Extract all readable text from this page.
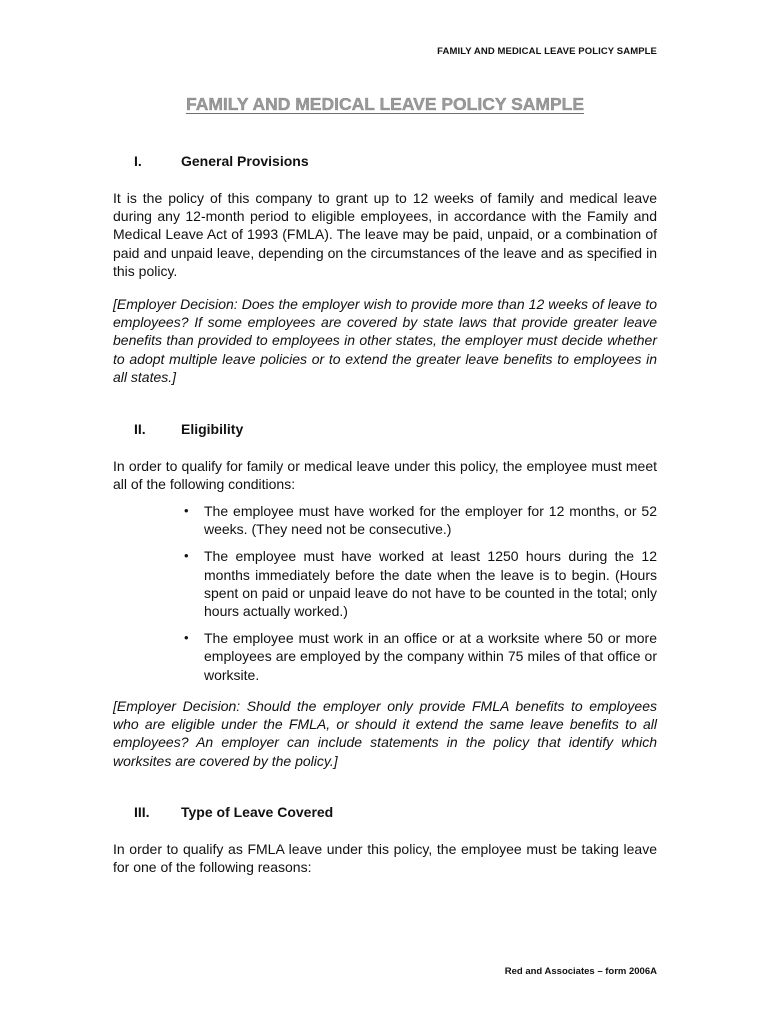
FAMILY AND MEDICAL LEAVE POLICY SAMPLE
FAMILY AND MEDICAL LEAVE POLICY SAMPLE
I.	General Provisions

It is the policy of this company to grant up to 12 weeks of family and medical leave during any 12-month period to eligible employees, in accordance with the Family and Medical Leave Act of 1993 (FMLA). The leave may be paid, unpaid, or a combination of paid and unpaid leave, depending on the circumstances of the leave and as specified in this policy.

[Employer Decision: Does the employer wish to provide more than 12 weeks of leave to employees? If some employees are covered by state laws that provide greater leave benefits than provided to employees in other states, the employer must decide whether to adopt multiple leave policies or to extend the greater leave benefits to employees in all states.]

II.	Eligibility

In order to qualify for family or medical leave under this policy, the employee must meet all of the following conditions:

• The employee must have worked for the employer for 12 months, or 52 weeks. (They need not be consecutive.)
• The employee must have worked at least 1250 hours during the 12 months immediately before the date when the leave is to begin. (Hours spent on paid or unpaid leave do not have to be counted in the total; only hours actually worked.)
• The employee must work in an office or at a worksite where 50 or more employees are employed by the company within 75 miles of that office or worksite.

[Employer Decision: Should the employer only provide FMLA benefits to employees who are eligible under the FMLA, or should it extend the same leave benefits to all employees? An employer can include statements in the policy that identify which worksites are covered by the policy.]

III. Type of Leave Covered

In order to qualify as FMLA leave under this policy, the employee must be taking leave for one of the following reasons:

Red and Associates – form 2006A
